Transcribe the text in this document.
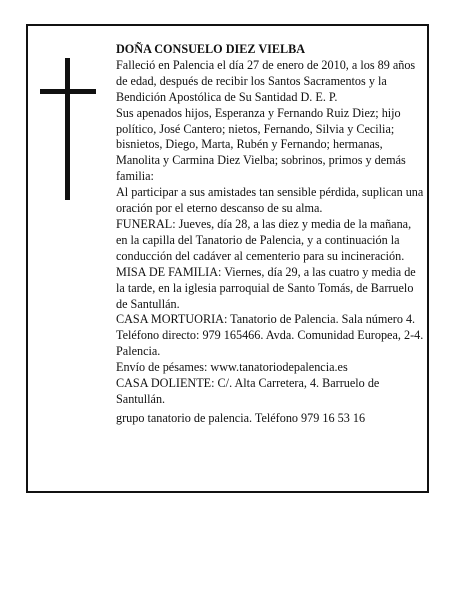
DOÑA CONSUELO DIEZ VIELBA

Falleció en Palencia el día 27 de enero de 2010, a los 89 años de edad, después de recibir los Santos Sacramentos y la Bendición Apostólica de Su Santidad D. E. P.

Sus apenados hijos, Esperanza y Fernando Ruiz Diez; hijo político, José Cantero; nietos, Fernando, Silvia y Cecilia; bisnietos, Diego, Marta, Rubén y Fernando; hermanas, Manolita y Carmina Diez Vielba; sobrinos, primos y demás familia:

Al participar a sus amistades tan sensible pérdida, suplican una oración por el eterno descanso de su alma.

FUNERAL: Jueves, día 28, a las diez y media de la mañana, en la capilla del Tanatorio de Palencia, y a continuación la conducción del cadáver al cementerio para su incineración.

MISA DE FAMILIA: Viernes, día 29, a las cuatro y media de la tarde, en la iglesia parroquial de Santo Tomás, de Barruelo de Santullán.

CASA MORTUORIA: Tanatorio de Palencia. Sala número 4. Teléfono directo: 979 165466. Avda. Comunidad Europea, 2-4. Palencia.

Envío de pésames: www.tanatoriodepalencia.es

CASA DOLIENTE: C/. Alta Carretera, 4. Barruelo de Santullán.

grupo tanatorio de palencia. Teléfono 979 16 53 16
